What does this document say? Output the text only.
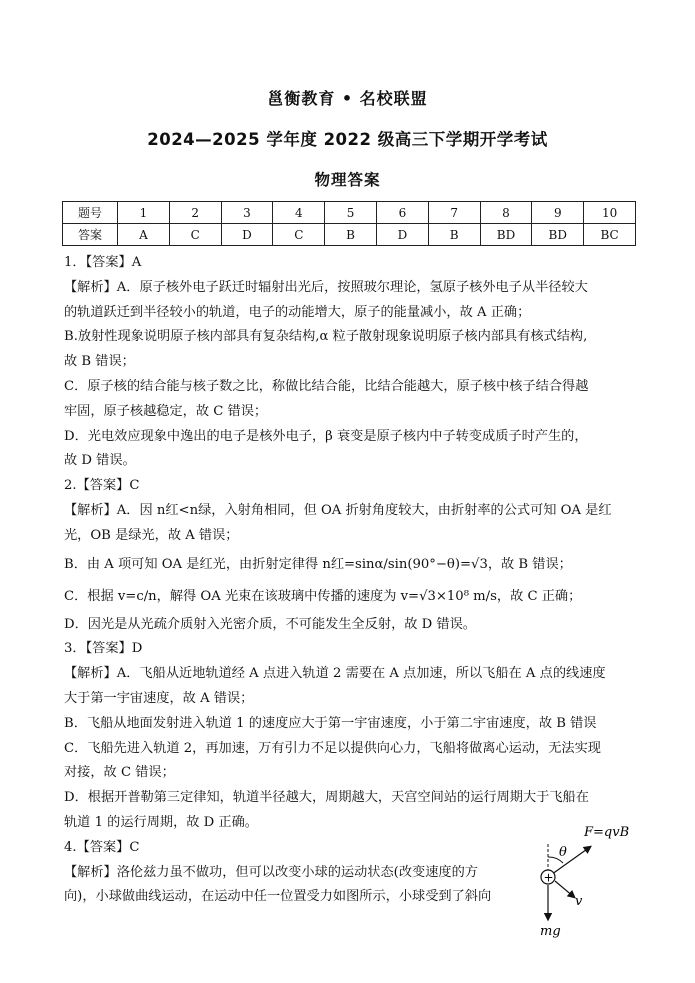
邕衡教育 • 名校联盟
2024—2025 学年度 2022 级高三下学期开学考试
物理答案
题号	1	2	3	4	5	6	7	8	9	10
答案	A	C	D	C	B	D	B	BD	BD	BC
1．【答案】A
【解析】A．原子核外电子跃迁时辐射出光后，按照玻尔理论，氢原子核外电子从半径较大
的轨道跃迁到半径较小的轨道，电子的动能增大，原子的能量减小，故 A 正确；
B.放射性现象说明原子核内部具有复杂结构,α 粒子散射现象说明原子核内部具有核式结构,
故 B 错误；
C．原子核的结合能与核子数之比，称做比结合能，比结合能越大，原子核中核子结合得越
牢固，原子核越稳定，故 C 错误；
D．光电效应现象中逸出的电子是核外电子，β 衰变是原子核内中子转变成质子时产生的，
故 D 错误。
2.【答案】C
【解析】A．因 n红<n绿，入射角相同，但 OA 折射角度较大，由折射率的公式可知 OA 是红
光，OB 是绿光，故 A 错误；
B．由 A 项可知 OA 是红光，由折射定律得 n红=sinα/sin(90°−θ)=√3，故 B 错误；
C．根据 v=c/n，解得 OA 光束在该玻璃中传播的速度为 v=√3×10⁸ m/s，故 C 正确；
D．因光是从光疏介质射入光密介质，不可能发生全反射，故 D 错误。
3．【答案】D
【解析】A．飞船从近地轨道经 A 点进入轨道 2 需要在 A 点加速，所以飞船在 A 点的线速度
大于第一宇宙速度，故 A 错误；
B．飞船从地面发射进入轨道 1 的速度应大于第一宇宙速度，小于第二宇宙速度，故 B 错误
C．飞船先进入轨道 2，再加速，万有引力不足以提供向心力，飞船将做离心运动，无法实现
对接，故 C 错误；
D．根据开普勒第三定律知，轨道半径越大，周期越大，天宫空间站的运行周期大于飞船在
轨道 1 的运行周期，故 D 正确。
4.【答案】C
【解析】洛伦兹力虽不做功，但可以改变小球的运动状态(改变速度的方
向)，小球做曲线运动，在运动中任一位置受力如图所示，小球受到了斜向
F=qvB
θ
+
v
mg
